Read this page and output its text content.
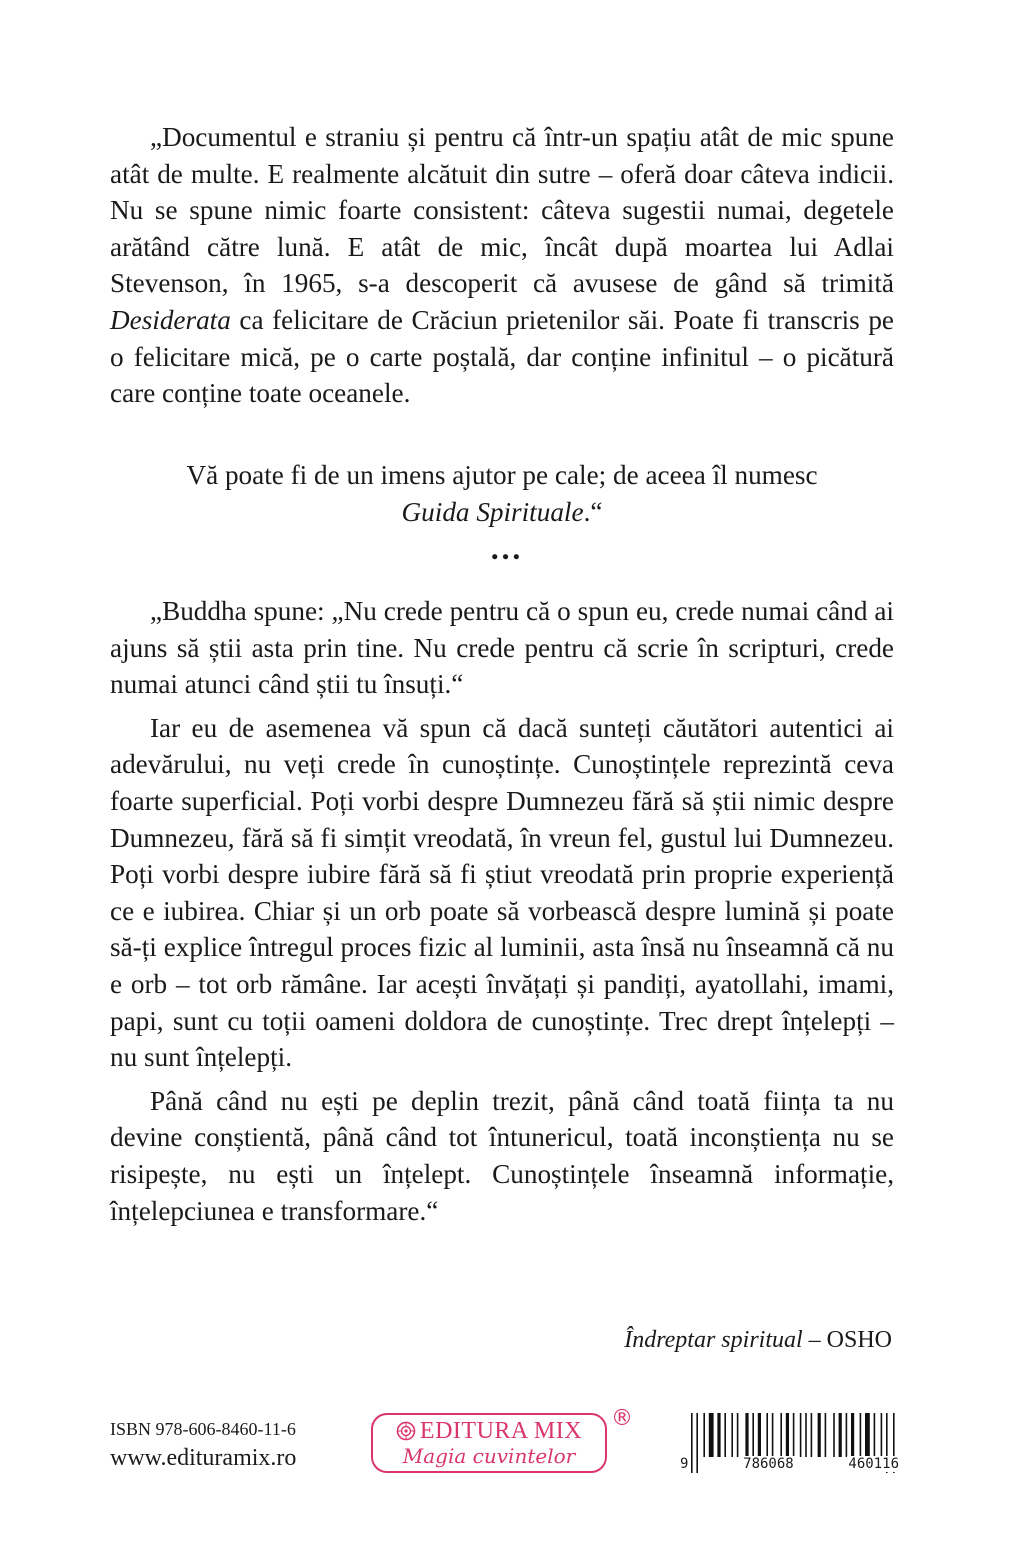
„Documentul e straniu și pentru că într-un spațiu atât de mic spune atât de multe. E realmente alcătuit din sutre – oferă doar câteva indicii. Nu se spune nimic foarte consistent: câteva sugestii numai, degetele arătând către lună. E atât de mic, încât după moartea lui Adlai Stevenson, în 1965, s-a descoperit că avusese de gând să trimită Desiderata ca felicitare de Crăciun prietenilor săi. Poate fi transcris pe o felicitare mică, pe o carte poștală, dar conține infinitul – o picătură care conține toate oceanele.

Vă poate fi de un imens ajutor pe cale; de aceea îl numesc

Guida Spirituale.“

…

„Buddha spune: „Nu crede pentru că o spun eu, crede numai când ai ajuns să știi asta prin tine. Nu crede pentru că scrie în scripturi, crede numai atunci când știi tu însuți.“

Iar eu de asemenea vă spun că dacă sunteți căutători autentici ai adevărului, nu veți crede în cunoștințe. Cunoștințele reprezintă ceva foarte superficial. Poți vorbi despre Dumnezeu fără să știi nimic despre Dumnezeu, fără să fi simțit vreodată, în vreun fel, gustul lui Dumnezeu. Poți vorbi despre iubire fără să fi știut vreodată prin proprie experiență ce e iubirea. Chiar și un orb poate să vorbească despre lumină și poate să-ți explice întregul proces fizic al luminii, asta însă nu înseamnă că nu e orb – tot orb rămâne. Iar acești învățați și pandiți, ayatollahi, imami, papi, sunt cu toții oameni doldora de cunoștințe. Trec drept înțelepți – nu sunt înțelepți.

Până când nu ești pe deplin trezit, până când toată ființa ta nu devine conștientă, până când tot întunericul, toată inconștiența nu se risipește, nu ești un înțelept. Cunoștințele înseamnă informație, înțelepciunea e transformare.“

Îndreptar spiritual – OSHO
ISBN 978-606-8460-11-6
www.edituramix.ro
EDITURA MIX
Magia cuvintelor
®
9	786068	460116
